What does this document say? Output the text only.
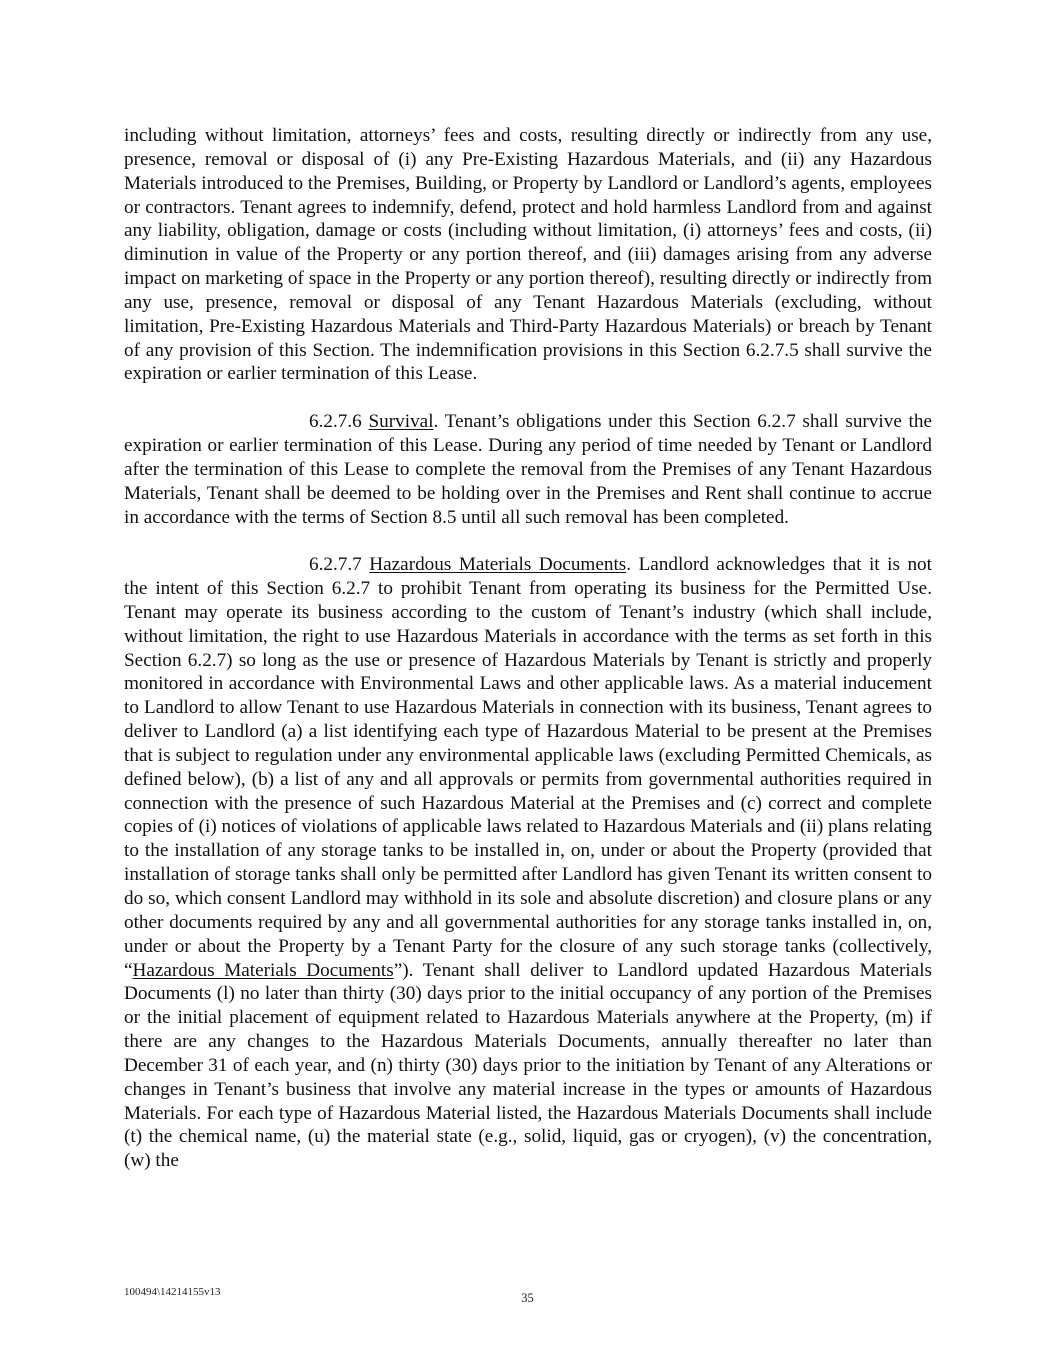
including without limitation, attorneys’ fees and costs, resulting directly or indirectly from any use, presence, removal or disposal of (i) any Pre-Existing Hazardous Materials, and (ii) any Hazardous Materials introduced to the Premises, Building, or Property by Landlord or Landlord’s agents, employees or contractors. Tenant agrees to indemnify, defend, protect and hold harmless Landlord from and against any liability, obligation, damage or costs (including without limitation, (i) attorneys’ fees and costs, (ii) diminution in value of the Property or any portion thereof, and (iii) damages arising from any adverse impact on marketing of space in the Property or any portion thereof), resulting directly or indirectly from any use, presence, removal or disposal of any Tenant Hazardous Materials (excluding, without limitation, Pre-Existing Hazardous Materials and Third-Party Hazardous Materials) or breach by Tenant of any provision of this Section. The indemnification provisions in this Section 6.2.7.5 shall survive the expiration or earlier termination of this Lease.

6.2.7.6 Survival. Tenant’s obligations under this Section 6.2.7 shall survive the expiration or earlier termination of this Lease. During any period of time needed by Tenant or Landlord after the termination of this Lease to complete the removal from the Premises of any Tenant Hazardous Materials, Tenant shall be deemed to be holding over in the Premises and Rent shall continue to accrue in accordance with the terms of Section 8.5 until all such removal has been completed.

6.2.7.7 Hazardous Materials Documents. Landlord acknowledges that it is not the intent of this Section 6.2.7 to prohibit Tenant from operating its business for the Permitted Use. Tenant may operate its business according to the custom of Tenant’s industry (which shall include, without limitation, the right to use Hazardous Materials in accordance with the terms as set forth in this Section 6.2.7) so long as the use or presence of Hazardous Materials by Tenant is strictly and properly monitored in accordance with Environmental Laws and other applicable laws. As a material inducement to Landlord to allow Tenant to use Hazardous Materials in connection with its business, Tenant agrees to deliver to Landlord (a) a list identifying each type of Hazardous Material to be present at the Premises that is subject to regulation under any environmental applicable laws (excluding Permitted Chemicals, as defined below), (b) a list of any and all approvals or permits from governmental authorities required in connection with the presence of such Hazardous Material at the Premises and (c) correct and complete copies of (i) notices of violations of applicable laws related to Hazardous Materials and (ii) plans relating to the installation of any storage tanks to be installed in, on, under or about the Property (provided that installation of storage tanks shall only be permitted after Landlord has given Tenant its written consent to do so, which consent Landlord may withhold in its sole and absolute discretion) and closure plans or any other documents required by any and all governmental authorities for any storage tanks installed in, on, under or about the Property by a Tenant Party for the closure of any such storage tanks (collectively, “Hazardous Materials Documents”). Tenant shall deliver to Landlord updated Hazardous Materials Documents (l) no later than thirty (30) days prior to the initial occupancy of any portion of the Premises or the initial placement of equipment related to Hazardous Materials anywhere at the Property, (m) if there are any changes to the Hazardous Materials Documents, annually thereafter no later than December 31 of each year, and (n) thirty (30) days prior to the initiation by Tenant of any Alterations or changes in Tenant’s business that involve any material increase in the types or amounts of Hazardous Materials. For each type of Hazardous Material listed, the Hazardous Materials Documents shall include (t) the chemical name, (u) the material state (e.g., solid, liquid, gas or cryogen), (v) the concentration, (w) the

100494\14214155v13	35
